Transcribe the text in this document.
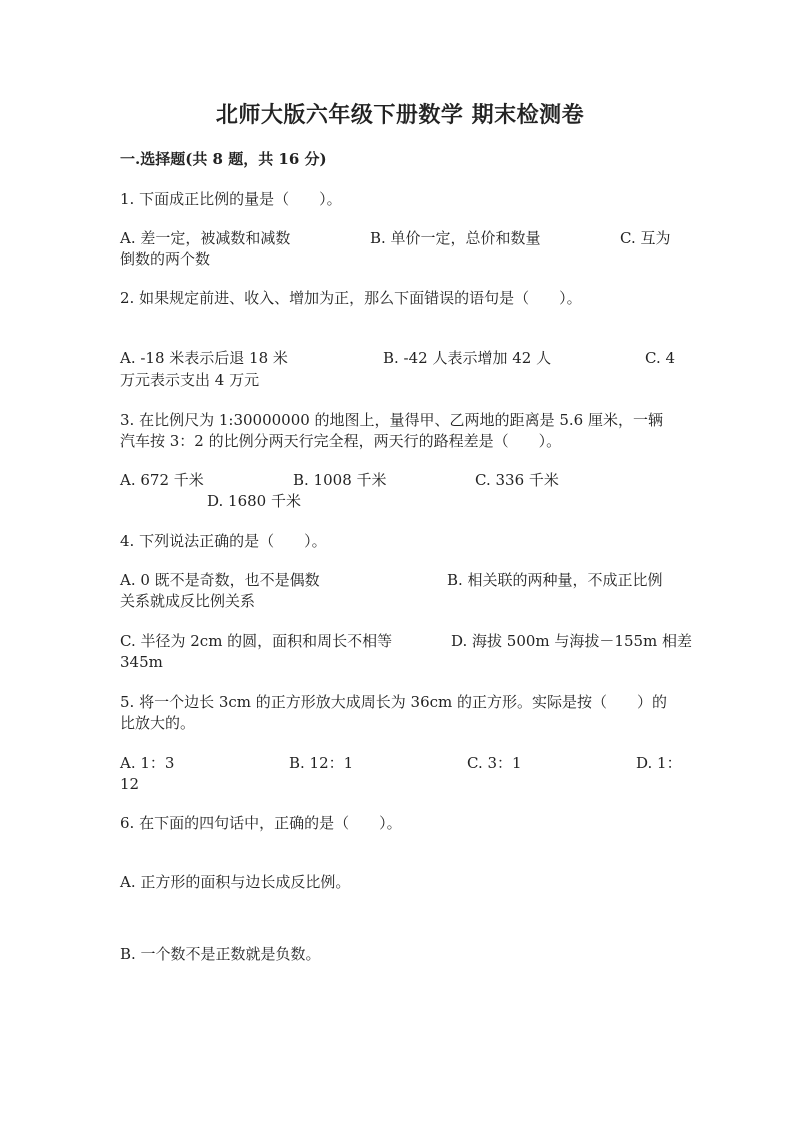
北师大版六年级下册数学 期末检测卷
一.选择题(共 8 题，共 16 分)
1. 下面成正比例的量是（　　）。
A. 差一定，被减数和减数	B. 单价一定，总价和数量	C. 互为
倒数的两个数
2. 如果规定前进、收入、增加为正，那么下面错误的语句是（　　）。
A. -18 米表示后退 18 米	B. -42 人表示增加 42 人	C. 4
万元表示支出 4 万元
3. 在比例尺为 1:30000000 的地图上，量得甲、乙两地的距离是 5.6 厘米，一辆
汽车按 3：2 的比例分两天行完全程，两天行的路程差是（　　）。
A. 672 千米	B. 1008 千米	C. 336 千米
D. 1680 千米
4. 下列说法正确的是（　　）。
A. 0 既不是奇数，也不是偶数	B. 相关联的两种量，不成正比例
关系就成反比例关系
C. 半径为 2cm 的圆，面积和周长不相等	D. 海拔 500m 与海拔－155m 相差
345m
5. 将一个边长 3cm 的正方形放大成周长为 36cm 的正方形。实际是按（　　）的
比放大的。
A. 1：3	B. 12：1	C. 3：1	D. 1：
12
6. 在下面的四句话中，正确的是（　　）。
A. 正方形的面积与边长成反比例。
B. 一个数不是正数就是负数。
